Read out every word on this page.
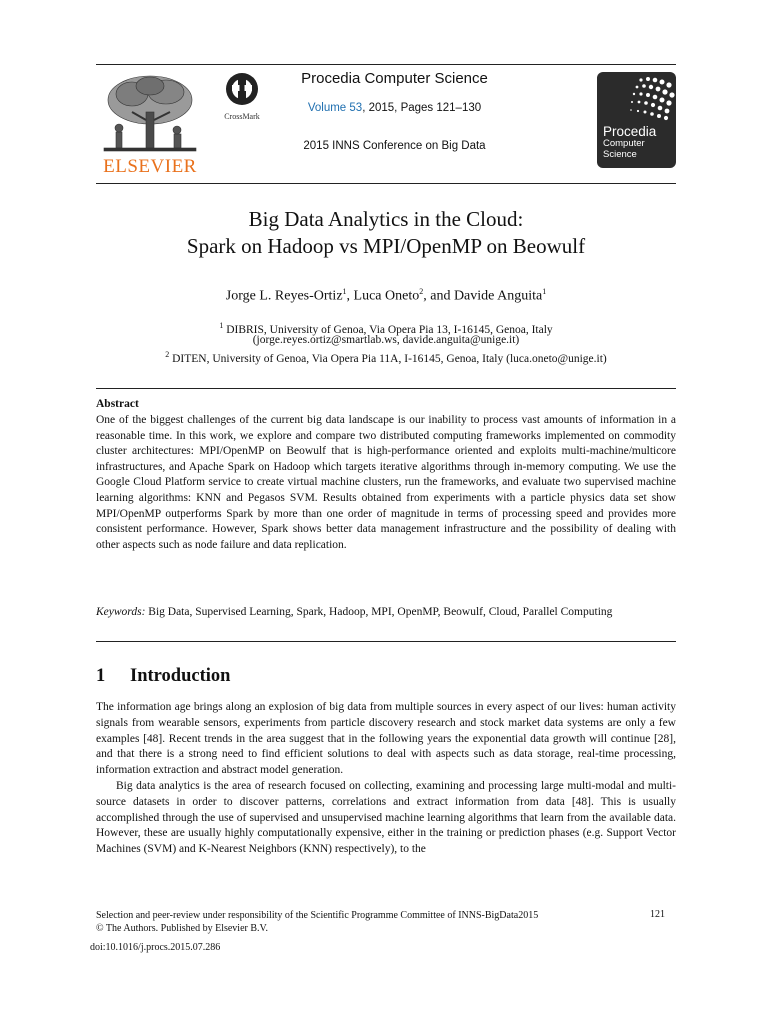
ELSEVIER
CrossMark
Procedia Computer Science
Volume 53, 2015, Pages 121–130
2015 INNS Conference on Big Data
Procedia
Computer
Science
Big Data Analytics in the Cloud:
Spark on Hadoop vs MPI/OpenMP on Beowulf
Jorge L. Reyes-Ortiz$^1$, Luca Oneto$^2$, and Davide Anguita$^1$
$^1$ DIBRIS, University of Genoa, Via Opera Pia 13, I-16145, Genoa, Italy
(jorge.reyes.ortiz@smartlab.ws, davide.anguita@unige.it)
$^2$ DITEN, University of Genoa, Via Opera Pia 11A, I-16145, Genoa, Italy (luca.oneto@unige.it)
Abstract
One of the biggest challenges of the current big data landscape is our inability to process vast amounts of information in a reasonable time. In this work, we explore and compare two distributed computing frameworks implemented on commodity cluster architectures: MPI/OpenMP on Beowulf that is high-performance oriented and exploits multi-machine/multicore infrastructures, and Apache Spark on Hadoop which targets iterative algorithms through in-memory computing. We use the Google Cloud Platform service to create virtual machine clusters, run the frameworks, and evaluate two supervised machine learning algorithms: KNN and Pegasos SVM. Results obtained from experiments with a particle physics data set show MPI/OpenMP outperforms Spark by more than one order of magnitude in terms of processing speed and provides more consistent performance. However, Spark shows better data management infrastructure and the possibility of dealing with other aspects such as node failure and data replication.
Keywords: Big Data, Supervised Learning, Spark, Hadoop, MPI, OpenMP, Beowulf, Cloud, Parallel Computing
1 Introduction

The information age brings along an explosion of big data from multiple sources in every aspect of our lives: human activity signals from wearable sensors, experiments from particle discovery research and stock market data systems are only a few examples [48]. Recent trends in the area suggest that in the following years the exponential data growth will continue [28], and that there is a strong need to find efficient solutions to deal with aspects such as data storage, real-time processing, information extraction and abstract model generation.

Big data analytics is the area of research focused on collecting, examining and processing large multi-modal and multi-source datasets in order to discover patterns, correlations and extract information from data [48]. This is usually accomplished through the use of supervised and unsupervised machine learning algorithms that learn from the available data. However, these are usually highly computationally expensive, either in the training or prediction phases (e.g. Support Vector Machines (SVM) and K-Nearest Neighbors (KNN) respectively), to the

Selection and peer-review under responsibility of the Scientific Programme Committee of INNS-BigData2015
© The Authors. Published by Elsevier B.V.
121
doi:10.1016/j.procs.2015.07.286
